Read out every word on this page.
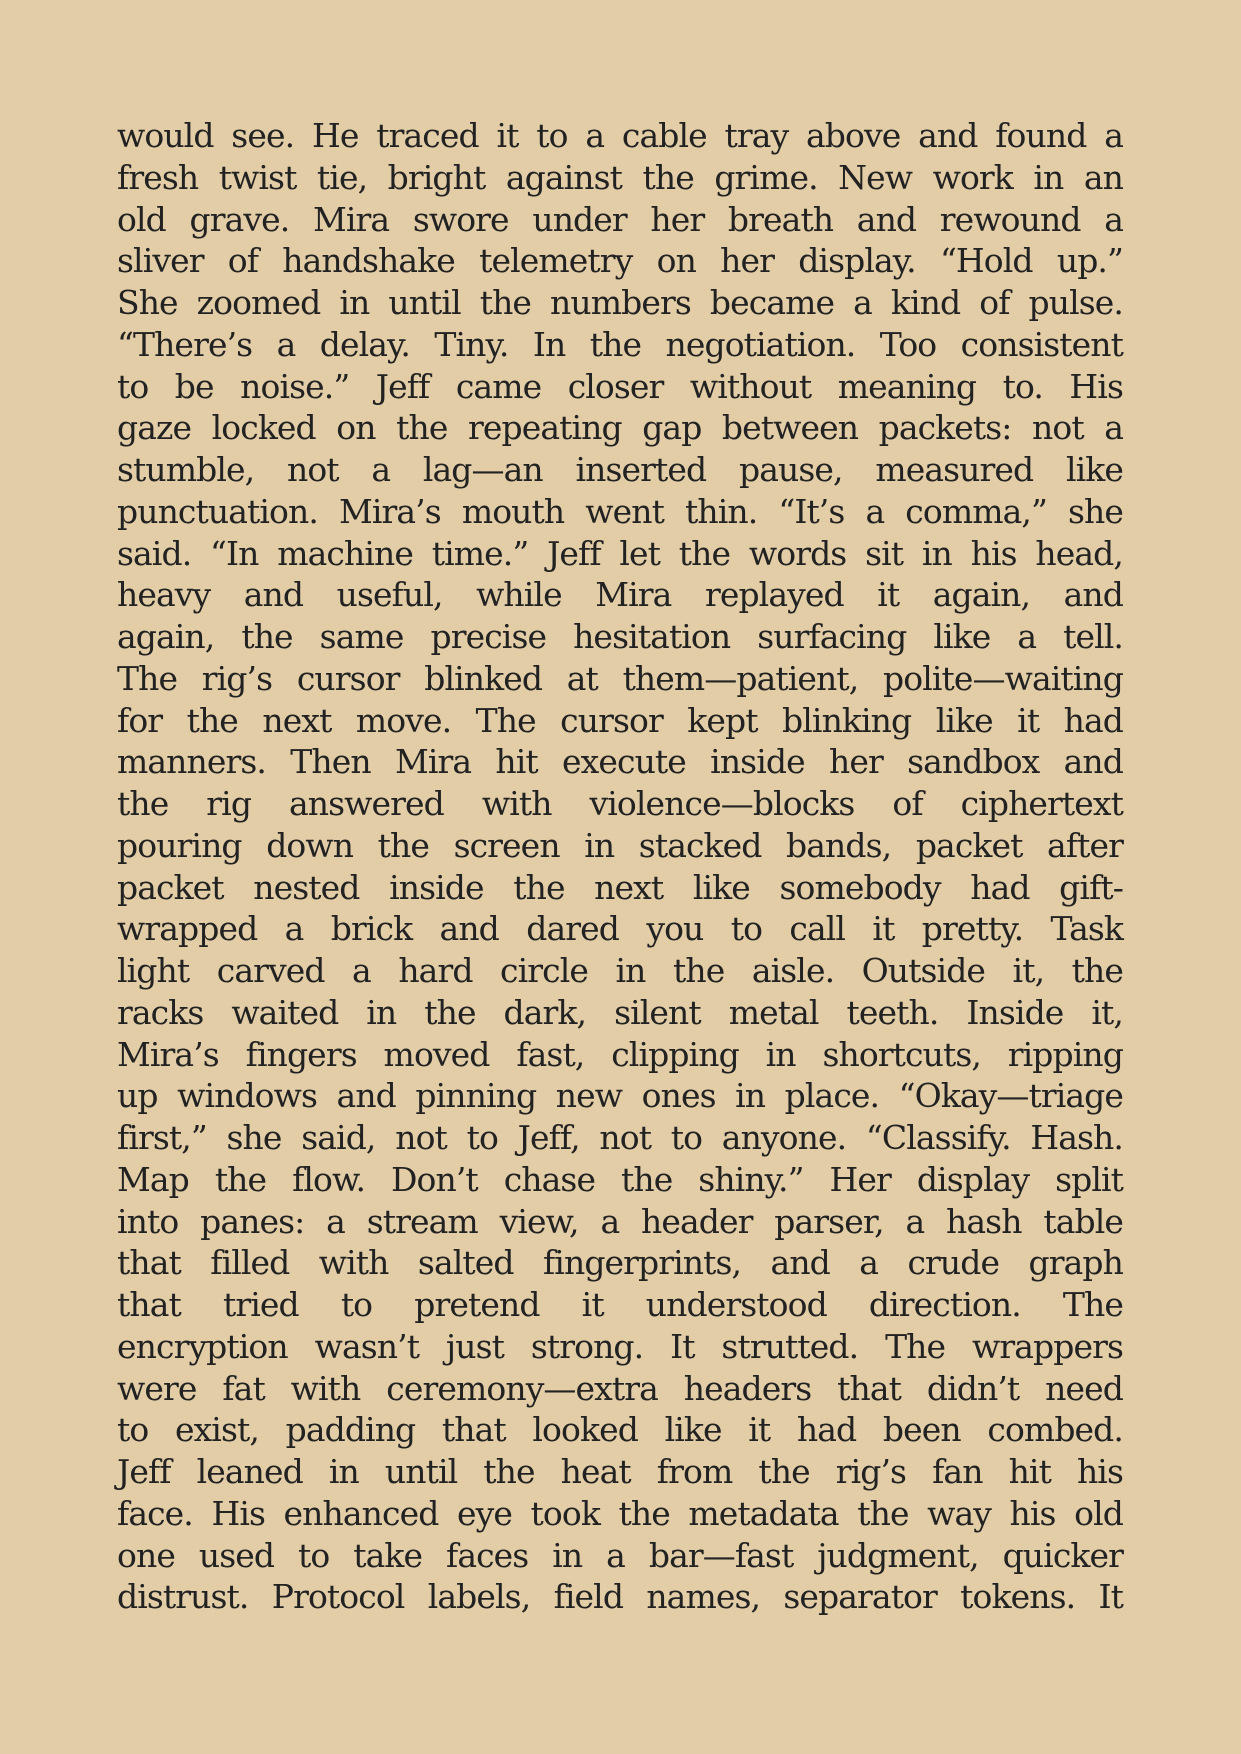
would see. He traced it to a cable tray above and found a
fresh twist tie, bright against the grime. New work in an
old grave. Mira swore under her breath and rewound a
sliver of handshake telemetry on her display. “Hold up.”
She zoomed in until the numbers became a kind of pulse.
“There’s a delay. Tiny. In the negotiation. Too consistent
to be noise.” Jeff came closer without meaning to. His
gaze locked on the repeating gap between packets: not a
stumble, not a lag—an inserted pause, measured like
punctuation. Mira’s mouth went thin. “It’s a comma,” she
said. “In machine time.” Jeff let the words sit in his head,
heavy and useful, while Mira replayed it again, and
again, the same precise hesitation surfacing like a tell.
The rig’s cursor blinked at them—patient, polite—waiting
for the next move. The cursor kept blinking like it had
manners. Then Mira hit execute inside her sandbox and
the rig answered with violence—blocks of ciphertext
pouring down the screen in stacked bands, packet after
packet nested inside the next like somebody had gift-
wrapped a brick and dared you to call it pretty. Task
light carved a hard circle in the aisle. Outside it, the
racks waited in the dark, silent metal teeth. Inside it,
Mira’s fingers moved fast, clipping in shortcuts, ripping
up windows and pinning new ones in place. “Okay—triage
first,” she said, not to Jeff, not to anyone. “Classify. Hash.
Map the flow. Don’t chase the shiny.” Her display split
into panes: a stream view, a header parser, a hash table
that filled with salted fingerprints, and a crude graph
that tried to pretend it understood direction. The
encryption wasn’t just strong. It strutted. The wrappers
were fat with ceremony—extra headers that didn’t need
to exist, padding that looked like it had been combed.
Jeff leaned in until the heat from the rig’s fan hit his
face. His enhanced eye took the metadata the way his old
one used to take faces in a bar—fast judgment, quicker
distrust. Protocol labels, field names, separator tokens. It
